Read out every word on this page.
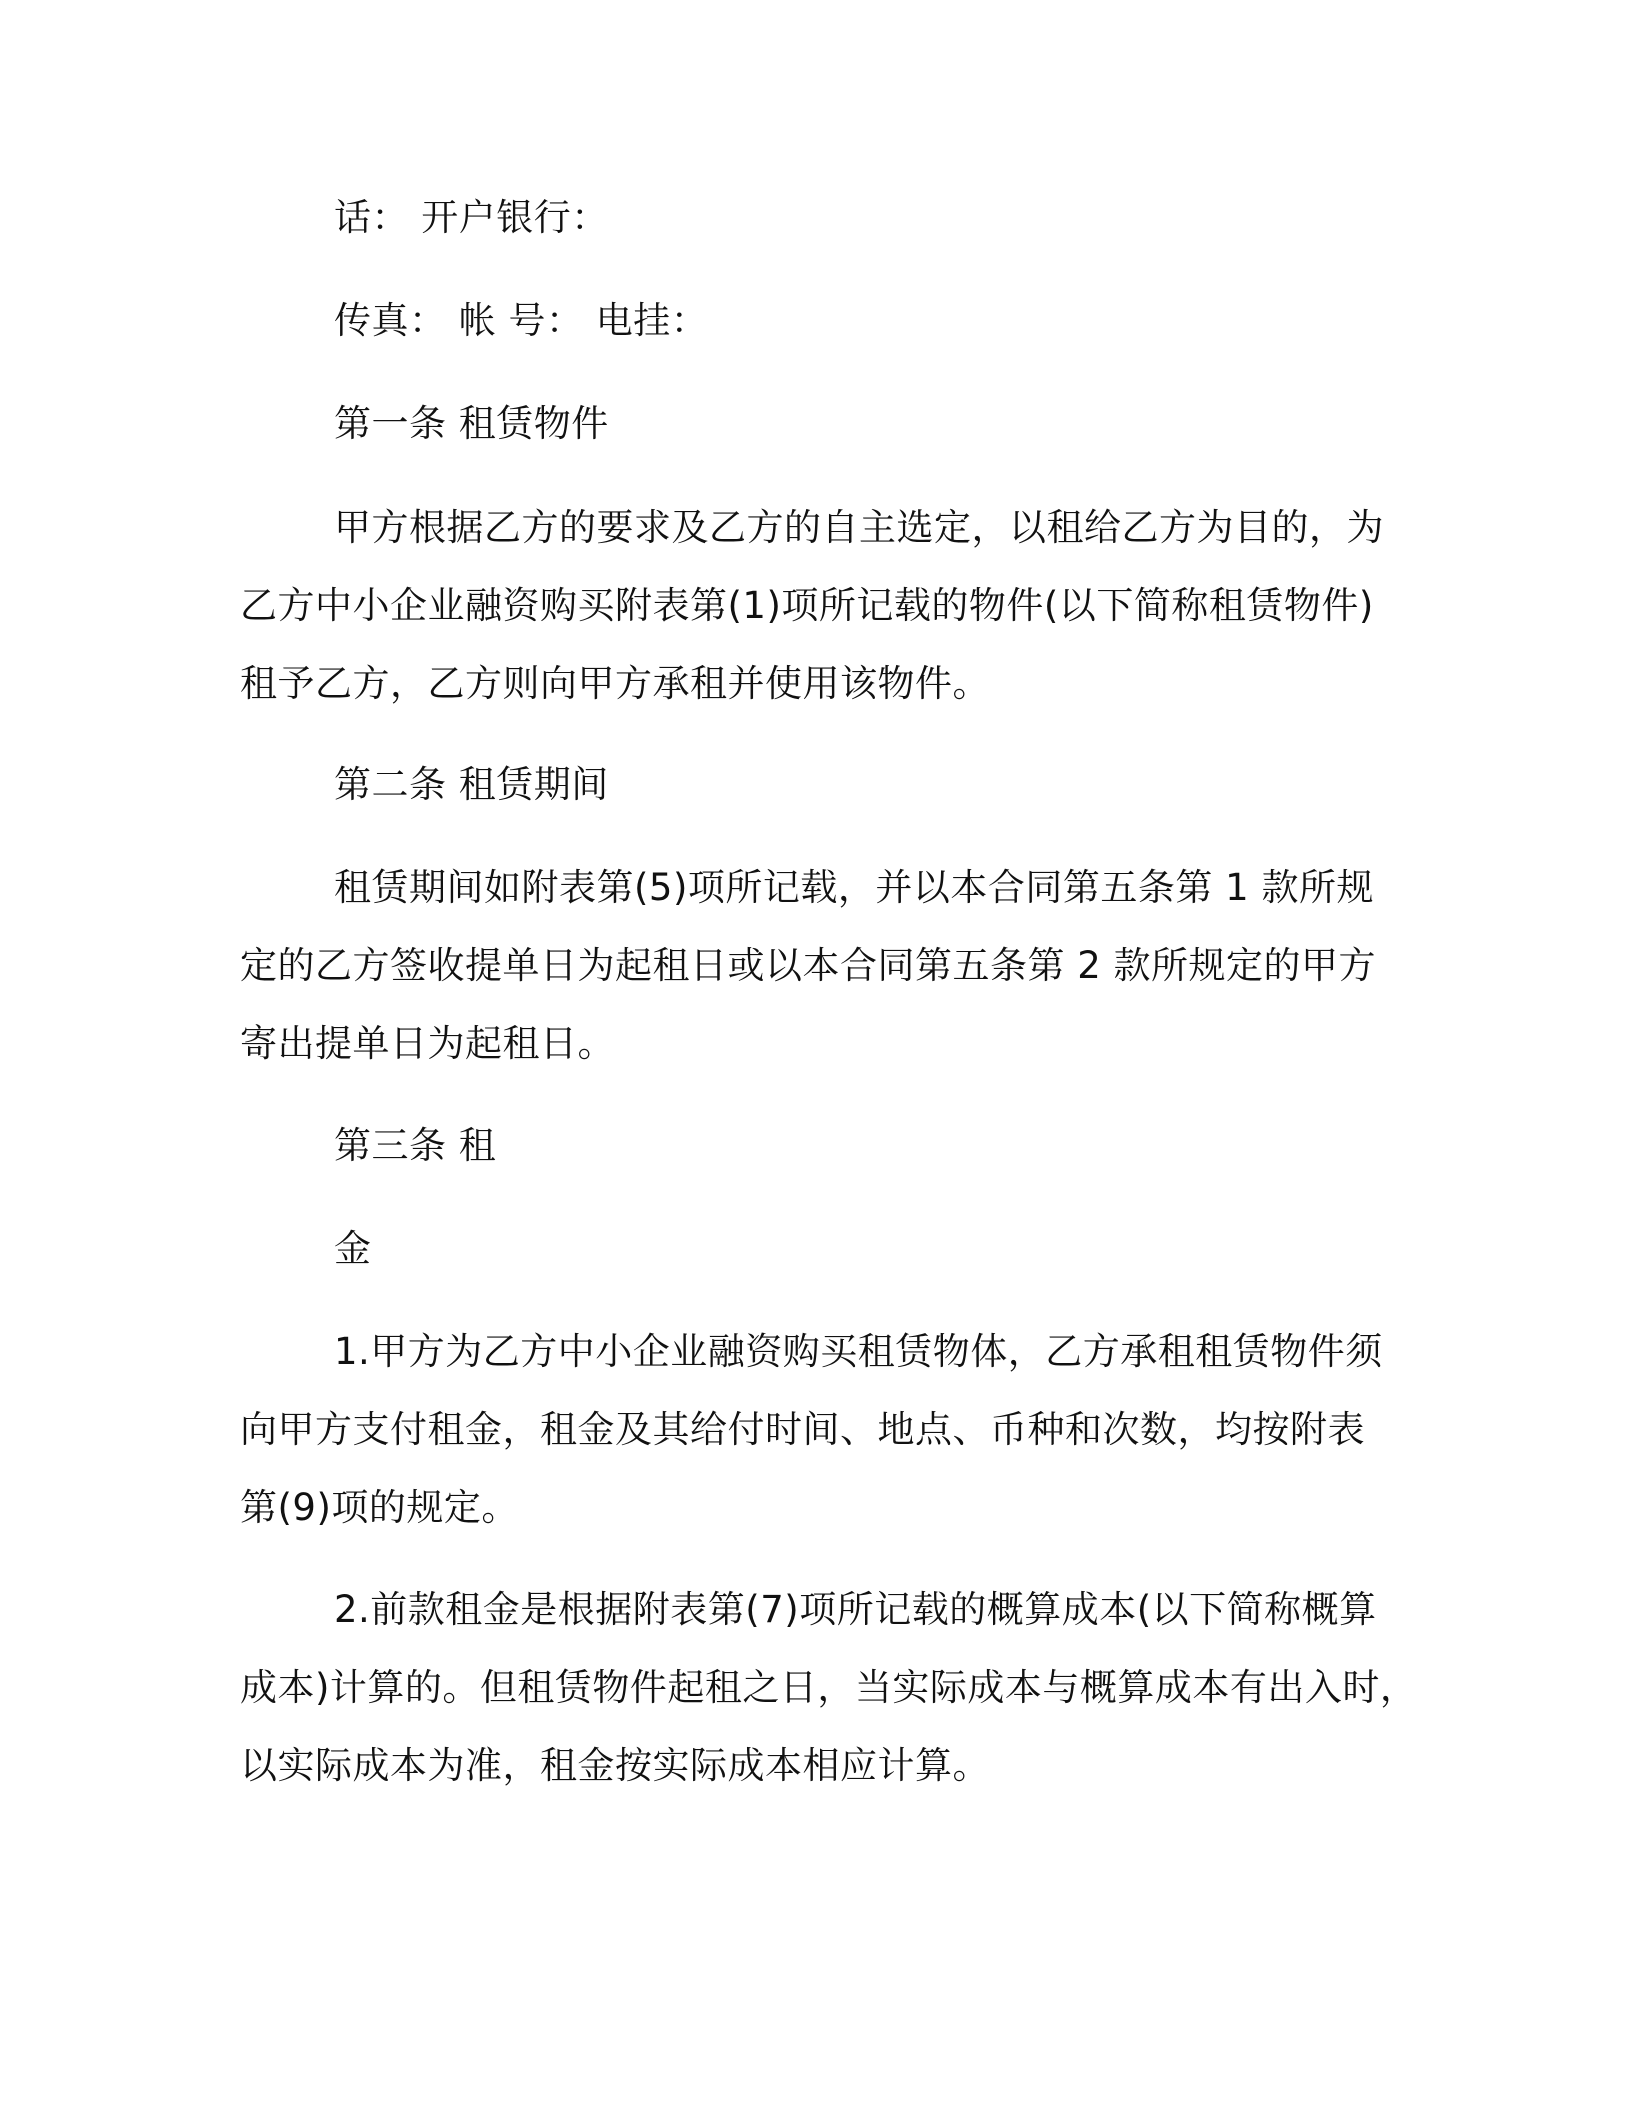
话： 开户银行：
传真： 帐 号： 电挂：
第一条 租赁物件
甲方根据乙方的要求及乙方的自主选定，以租给乙方为目的，为
乙方中小企业融资购买附表第(1)项所记载的物件(以下简称租赁物件)
租予乙方，乙方则向甲方承租并使用该物件。
第二条 租赁期间
租赁期间如附表第(5)项所记载，并以本合同第五条第 1 款所规
定的乙方签收提单日为起租日或以本合同第五条第 2 款所规定的甲方
寄出提单日为起租日。
第三条 租
金
1.甲方为乙方中小企业融资购买租赁物体，乙方承租租赁物件须
向甲方支付租金，租金及其给付时间、地点、币种和次数，均按附表
第(9)项的规定。
2.前款租金是根据附表第(7)项所记载的概算成本(以下简称概算
成本)计算的。但租赁物件起租之日，当实际成本与概算成本有出入时，
以实际成本为准，租金按实际成本相应计算。
